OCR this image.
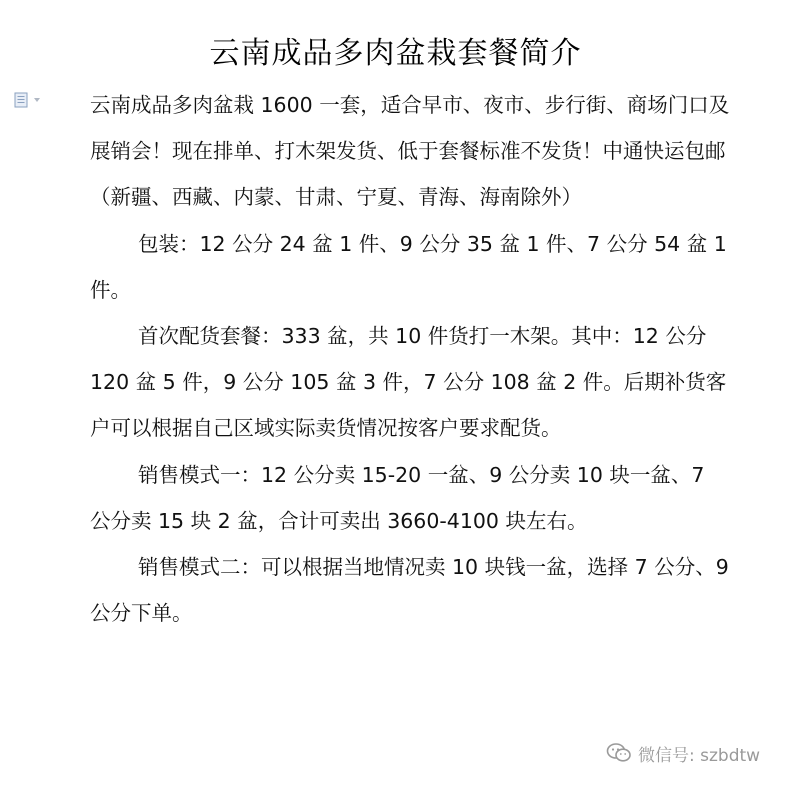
云南成品多肉盆栽套餐简介

云南成品多肉盆栽 1600 一套，适合早市、夜市、步行街、商场门口及展销会！现在排单、打木架发货、低于套餐标准不发货！中通快运包邮（新疆、西藏、内蒙、甘肃、宁夏、青海、海南除外）

包装：12 公分 24 盆 1 件、9 公分 35 盆 1 件、7 公分 54 盆 1 件。

首次配货套餐：333 盆，共 10 件货打一木架。其中：12 公分 120 盆 5 件，9 公分 105 盆 3 件，7 公分 108 盆 2 件。后期补货客户可以根据自己区域实际卖货情况按客户要求配货。

销售模式一：12 公分卖 15-20 一盆、9 公分卖 10 块一盆、7 公分卖 15 块 2 盆，合计可卖出 3660-4100 块左右。

销售模式二：可以根据当地情况卖 10 块钱一盆，选择 7 公分、9 公分下单。

微信号: szbdtw
